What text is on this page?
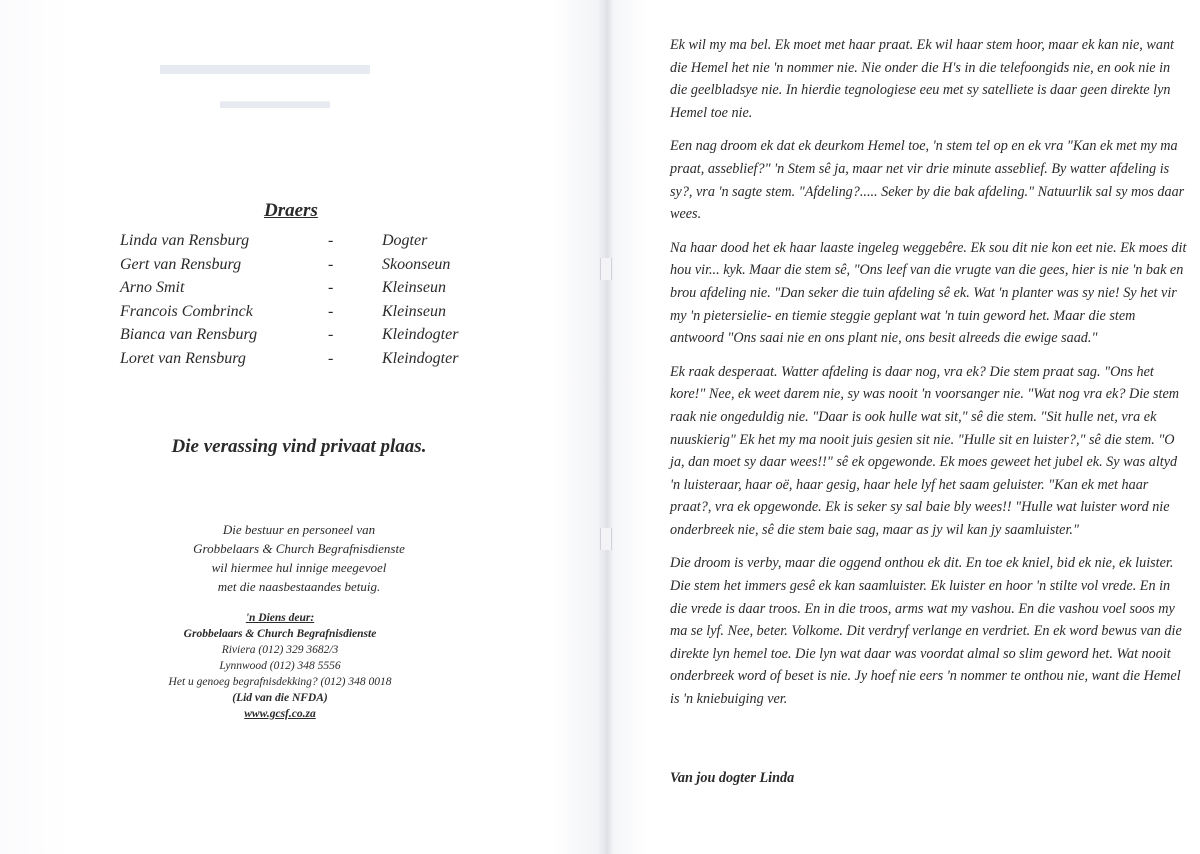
▬▬▬▬▬▬▬
▬▬▬▬▬
Draers
Linda van Rensburg	-	Dogter
Gert van Rensburg	-	Skoonseun
Arno Smit	-	Kleinseun
Francois Combrinck	-	Kleinseun
Bianca van Rensburg	-	Kleindogter
Loret van Rensburg	-	Kleindogter
Die verassing vind privaat plaas.
Die bestuur en personeel van
Grobbelaars & Church Begrafnisdienste
wil hiermee hul innige meegevoel
met die naasbestaandes betuig.
'n Diens deur:
Grobbelaars & Church Begrafnisdienste
Riviera (012) 329 3682/3
Lynnwood (012) 348 5556
Het u genoeg begrafnisdekking? (012) 348 0018
(Lid van die NFDA)
www.gcsf.co.za

Ek wil my ma bel. Ek moet met haar praat. Ek wil haar stem hoor, maar ek kan nie, want die Hemel het nie 'n nommer nie. Nie onder die H's in die telefoongids nie, en ook nie in die geelbladsye nie. In hierdie tegnologiese eeu met sy satelliete is daar geen direkte lyn Hemel toe nie.

Een nag droom ek dat ek deurkom Hemel toe, 'n stem tel op en ek vra "Kan ek met my ma praat, asseblief?" 'n Stem sê ja, maar net vir drie minute asseblief. By watter afdeling is sy?, vra 'n sagte stem. "Afdeling?..... Seker by die bak afdeling." Natuurlik sal sy mos daar wees.

Na haar dood het ek haar laaste ingeleg weggebêre. Ek sou dit nie kon eet nie. Ek moes dit hou vir... kyk. Maar die stem sê, "Ons leef van die vrugte van die gees, hier is nie 'n bak en brou afdeling nie. "Dan seker die tuin afdeling sê ek. Wat 'n planter was sy nie! Sy het vir my 'n pietersielie- en tiemie steggie geplant wat 'n tuin geword het. Maar die stem antwoord "Ons saai nie en ons plant nie, ons besit alreeds die ewige saad."

Ek raak desperaat. Watter afdeling is daar nog, vra ek? Die stem praat sag. "Ons het kore!" Nee, ek weet darem nie, sy was nooit 'n voorsanger nie. "Wat nog vra ek? Die stem raak nie ongeduldig nie. "Daar is ook hulle wat sit," sê die stem. "Sit hulle net, vra ek nuuskierig" Ek het my ma nooit juis gesien sit nie. "Hulle sit en luister?," sê die stem. "O ja, dan moet sy daar wees!!" sê ek opgewonde. Ek moes geweet het jubel ek. Sy was altyd 'n luisteraar, haar oë, haar gesig, haar hele lyf het saam geluister. "Kan ek met haar praat?, vra ek opgewonde. Ek is seker sy sal baie bly wees!! "Hulle wat luister word nie onderbreek nie, sê die stem baie sag, maar as jy wil kan jy saamluister."

Die droom is verby, maar die oggend onthou ek dit. En toe ek kniel, bid ek nie, ek luister. Die stem het immers gesê ek kan saamluister. Ek luister en hoor 'n stilte vol vrede. En in die vrede is daar troos. En in die troos, arms wat my vashou. En die vashou voel soos my ma se lyf. Nee, beter. Volkome. Dit verdryf verlange en verdriet. En ek word bewus van die direkte lyn hemel toe. Die lyn wat daar was voordat almal so slim geword het. Wat nooit onderbreek word of beset is nie. Jy hoef nie eers 'n nommer te onthou nie, want die Hemel is 'n kniebuiging ver.

Van jou dogter Linda
